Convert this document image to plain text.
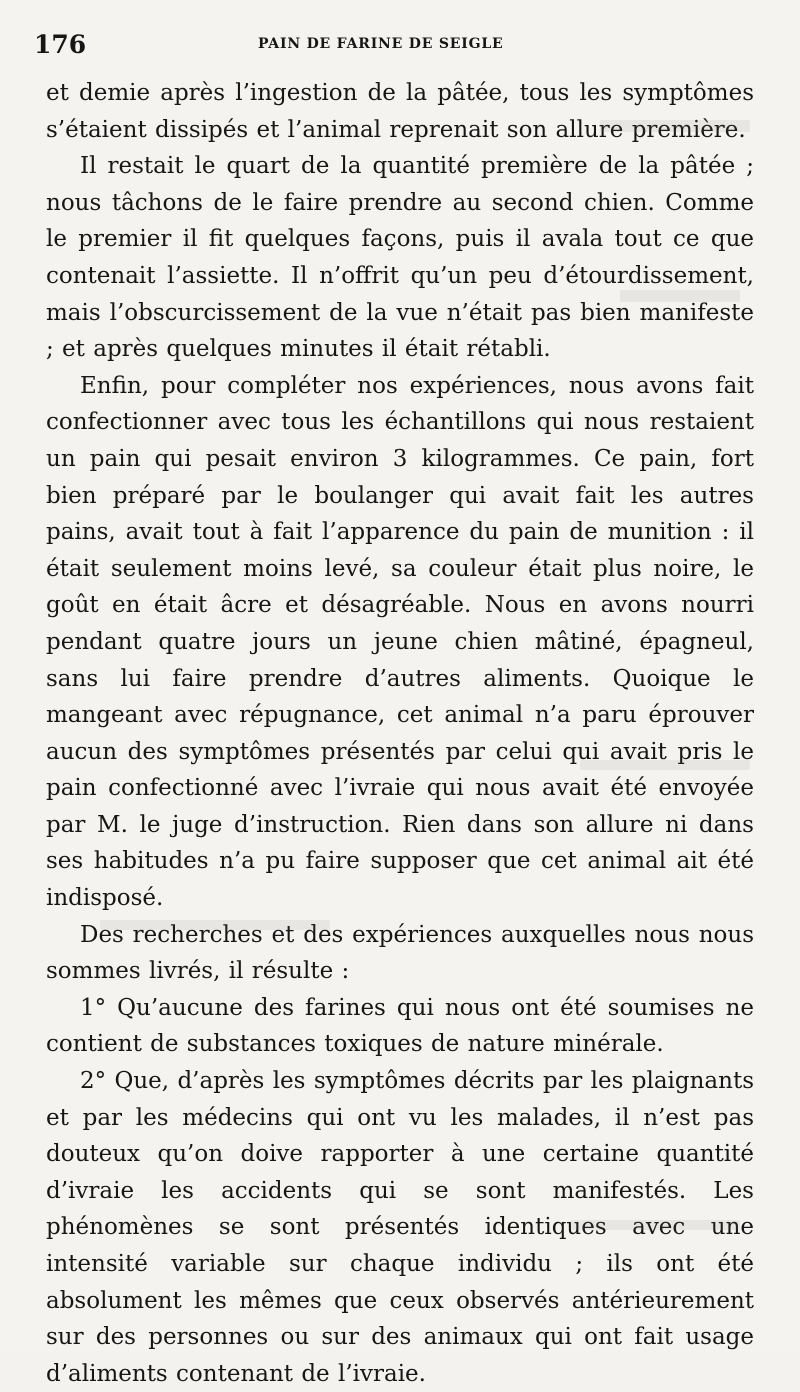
176	PAIN DE FARINE DE SEIGLE

et demie après l’ingestion de la pâtée, tous les symptômes s’étaient dissipés et l’animal reprenait son allure première.

Il restait le quart de la quantité première de la pâtée ; nous tâchons de le faire prendre au second chien. Comme le premier il fit quelques façons, puis il avala tout ce que contenait l’assiette. Il n’offrit qu’un peu d’étourdissement, mais l’obscurcissement de la vue n’était pas bien manifeste ; et après quelques minutes il était rétabli.

Enfin, pour compléter nos expériences, nous avons fait confectionner avec tous les échantillons qui nous restaient un pain qui pesait environ 3 kilogrammes. Ce pain, fort bien préparé par le boulanger qui avait fait les autres pains, avait tout à fait l’apparence du pain de munition : il était seulement moins levé, sa couleur était plus noire, le goût en était âcre et désagréable. Nous en avons nourri pendant quatre jours un jeune chien mâtiné, épagneul, sans lui faire prendre d’autres aliments. Quoique le mangeant avec répugnance, cet animal n’a paru éprouver aucun des symptômes présentés par celui qui avait pris le pain confectionné avec l’ivraie qui nous avait été envoyée par M. le juge d’instruction. Rien dans son allure ni dans ses habitudes n’a pu faire supposer que cet animal ait été indisposé.

Des recherches et des expériences auxquelles nous nous sommes livrés, il résulte :

1° Qu’aucune des farines qui nous ont été soumises ne contient de substances toxiques de nature minérale.

2° Que, d’après les symptômes décrits par les plaignants et par les médecins qui ont vu les malades, il n’est pas douteux qu’on doive rapporter à une certaine quantité d’ivraie les accidents qui se sont manifestés. Les phénomènes se sont présentés identiques avec une intensité variable sur chaque individu ; ils ont été absolument les mêmes que ceux observés antérieurement sur des personnes ou sur des animaux qui ont fait usage d’aliments contenant de l’ivraie.
